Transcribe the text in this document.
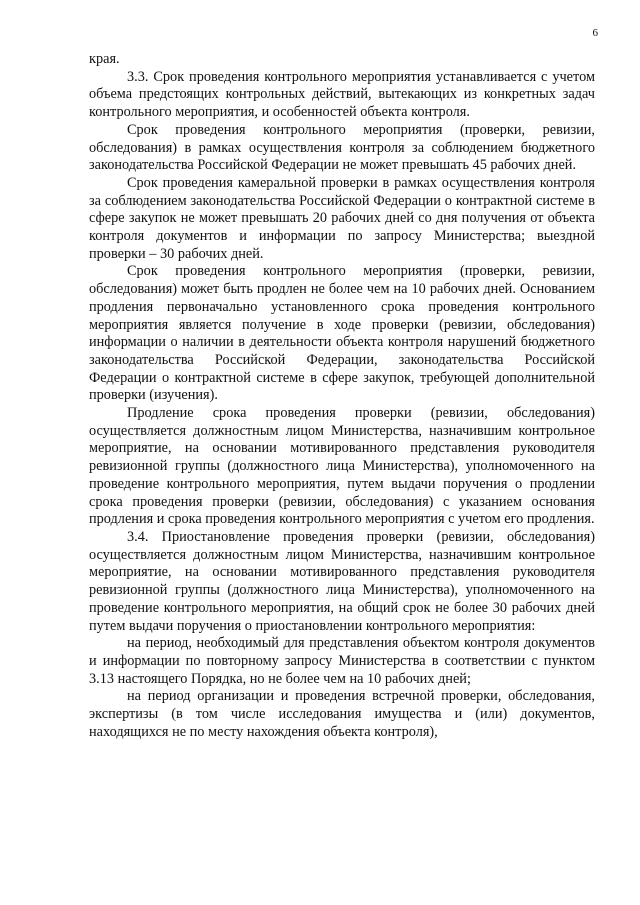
6

края.

3.3. Срок проведения контрольного мероприятия устанавливается с учетом объема предстоящих контрольных действий, вытекающих из конкретных задач контрольного мероприятия, и особенностей объекта контроля.

Срок проведения контрольного мероприятия (проверки, ревизии, обследования) в рамках осуществления контроля за соблюдением бюджетного законодательства Российской Федерации не может превышать 45 рабочих дней.

Срок проведения камеральной проверки в рамках осуществления контроля за соблюдением законодательства Российской Федерации о контрактной системе в сфере закупок не может превышать 20 рабочих дней со дня получения от объекта контроля документов и информации по запросу Министерства; выездной проверки – 30 рабочих дней.

Срок проведения контрольного мероприятия (проверки, ревизии, обследования) может быть продлен не более чем на 10 рабочих дней. Основанием продления первоначально установленного срока проведения контрольного мероприятия является получение в ходе проверки (ревизии, обследования) информации о наличии в деятельности объекта контроля нарушений бюджетного законодательства Российской Федерации, законодательства Российской Федерации о контрактной системе в сфере закупок, требующей дополнительной проверки (изучения).

Продление срока проведения проверки (ревизии, обследования) осуществляется должностным лицом Министерства, назначившим контрольное мероприятие, на основании мотивированного представления руководителя ревизионной группы (должностного лица Министерства), уполномоченного на проведение контрольного мероприятия, путем выдачи поручения о продлении срока проведения проверки (ревизии, обследования) с указанием основания продления и срока проведения контрольного мероприятия с учетом его продления.

3.4. Приостановление проведения проверки (ревизии, обследования) осуществляется должностным лицом Министерства, назначившим контрольное мероприятие, на основании мотивированного представления руководителя ревизионной группы (должностного лица Министерства), уполномоченного на проведение контрольного мероприятия, на общий срок не более 30 рабочих дней путем выдачи поручения о приостановлении контрольного мероприятия:

на период, необходимый для представления объектом контроля документов и информации по повторному запросу Министерства в соответствии с пунктом 3.13 настоящего Порядка, но не более чем на 10 рабочих дней;

на период организации и проведения встречной проверки, обследования, экспертизы (в том числе исследования имущества и (или) документов, находящихся не по месту нахождения объекта контроля),
